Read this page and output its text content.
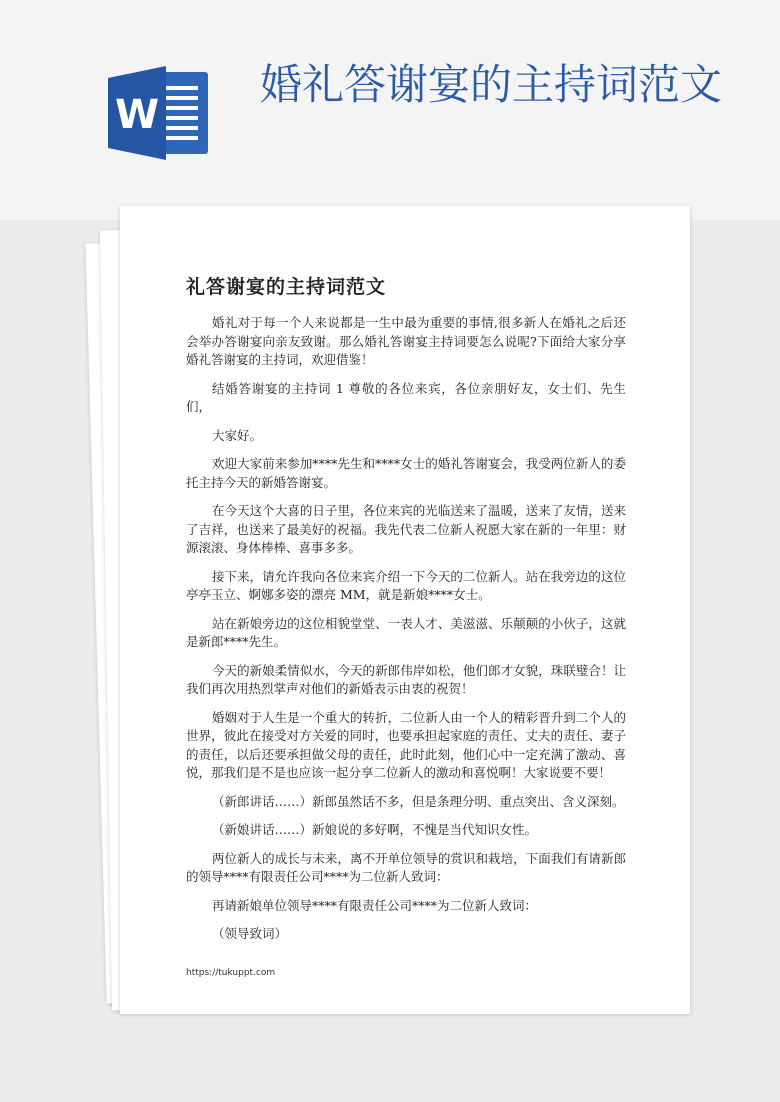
W
婚礼答谢宴的主持词范文
礼答谢宴的主持词范文

婚礼对于每一个人来说都是一生中最为重要的事情,很多新人在婚礼之后还会举办答谢宴向亲友致谢。那么婚礼答谢宴主持词要怎么说呢?下面给大家分享婚礼答谢宴的主持词，欢迎借鉴！

结婚答谢宴的主持词 1 尊敬的各位来宾，各位亲朋好友，女士们、先生们，

大家好。

欢迎大家前来参加****先生和****女士的婚礼答谢宴会，我受两位新人的委托主持今天的新婚答谢宴。

在今天这个大喜的日子里，各位来宾的光临送来了温暖，送来了友情，送来了吉祥，也送来了最美好的祝福。我先代表二位新人祝愿大家在新的一年里：财源滚滚、身体棒棒、喜事多多。

接下来，请允许我向各位来宾介绍一下今天的二位新人。站在我旁边的这位亭亭玉立、婀娜多姿的漂亮 MM，就是新娘****女士。

站在新娘旁边的这位相貌堂堂、一表人才、美滋滋、乐颠颠的小伙子，这就是新郎****先生。

今天的新娘柔情似水，今天的新郎伟岸如松，他们郎才女貌，珠联璧合！让我们再次用热烈掌声对他们的新婚表示由衷的祝贺！

婚姻对于人生是一个重大的转折，二位新人由一个人的精彩晋升到二个人的世界，彼此在接受对方关爱的同时，也要承担起家庭的责任、丈夫的责任、妻子的责任，以后还要承担做父母的责任，此时此刻，他们心中一定充满了激动、喜悦，那我们是不是也应该一起分享二位新人的激动和喜悦啊！大家说要不要！

（新郎讲话……）新郎虽然话不多，但是条理分明、重点突出、含义深刻。

（新娘讲话……）新娘说的多好啊，不愧是当代知识女性。

两位新人的成长与未来，离不开单位领导的赏识和栽培，下面我们有请新郎的领导****有限责任公司****为二位新人致词：

再请新娘单位领导****有限责任公司****为二位新人致词：

（领导致词）

https://tukuppt.com
